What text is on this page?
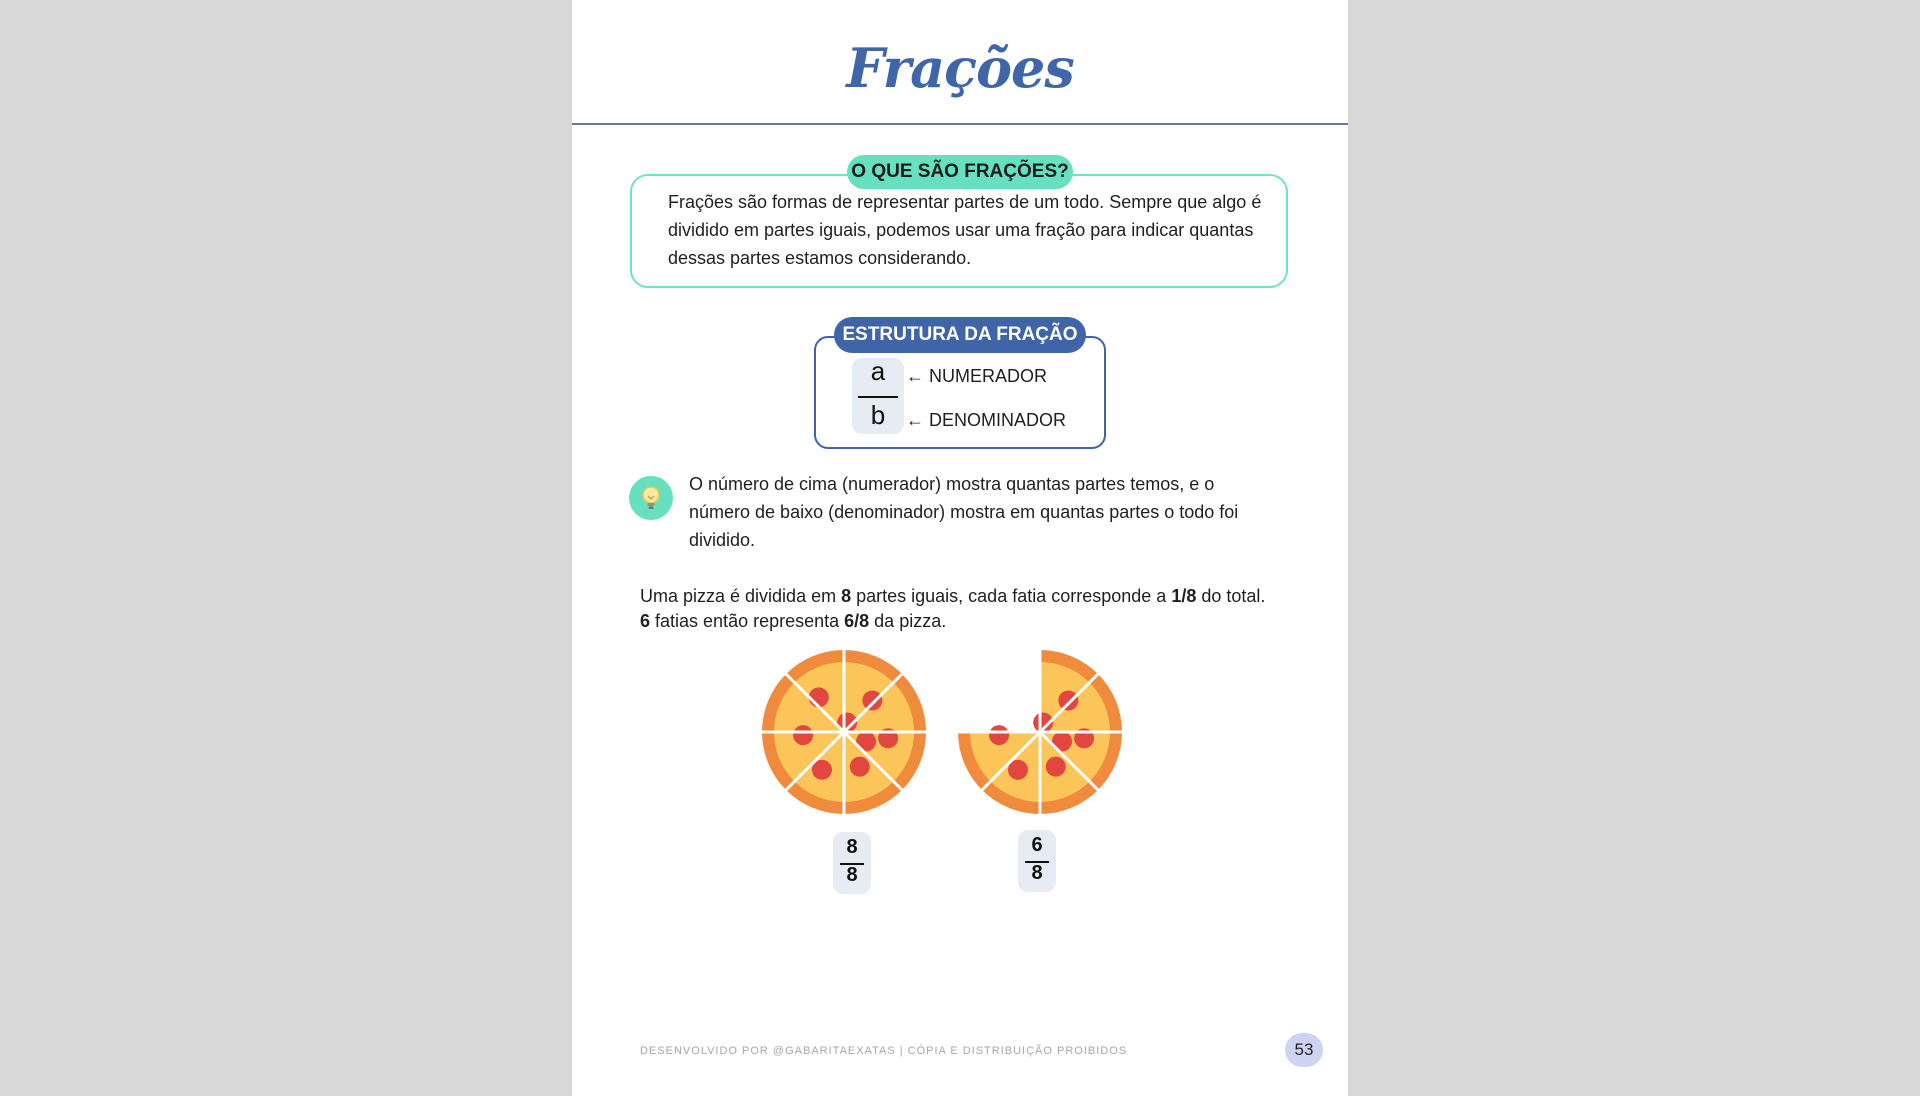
Frações
O QUE SÃO FRAÇÕES?
Frações são formas de representar partes de um todo. Sempre que algo é dividido em partes iguais, podemos usar uma fração para indicar quantas dessas partes estamos considerando.
ESTRUTURA DA FRAÇÃO
a
b
← NUMERADOR
← DENOMINADOR
O número de cima (numerador) mostra quantas partes temos, e o número de baixo (denominador) mostra em quantas partes o todo foi dividido.
Uma pizza é dividida em 8 partes iguais, cada fatia corresponde a 1/8 do total. 6 fatias então representa 6/8 da pizza.
8
8
6
8
DESENVOLVIDO POR @GABARITAEXATAS | CÓPIA E DISTRIBUIÇÃO PROIBIDOS	53
